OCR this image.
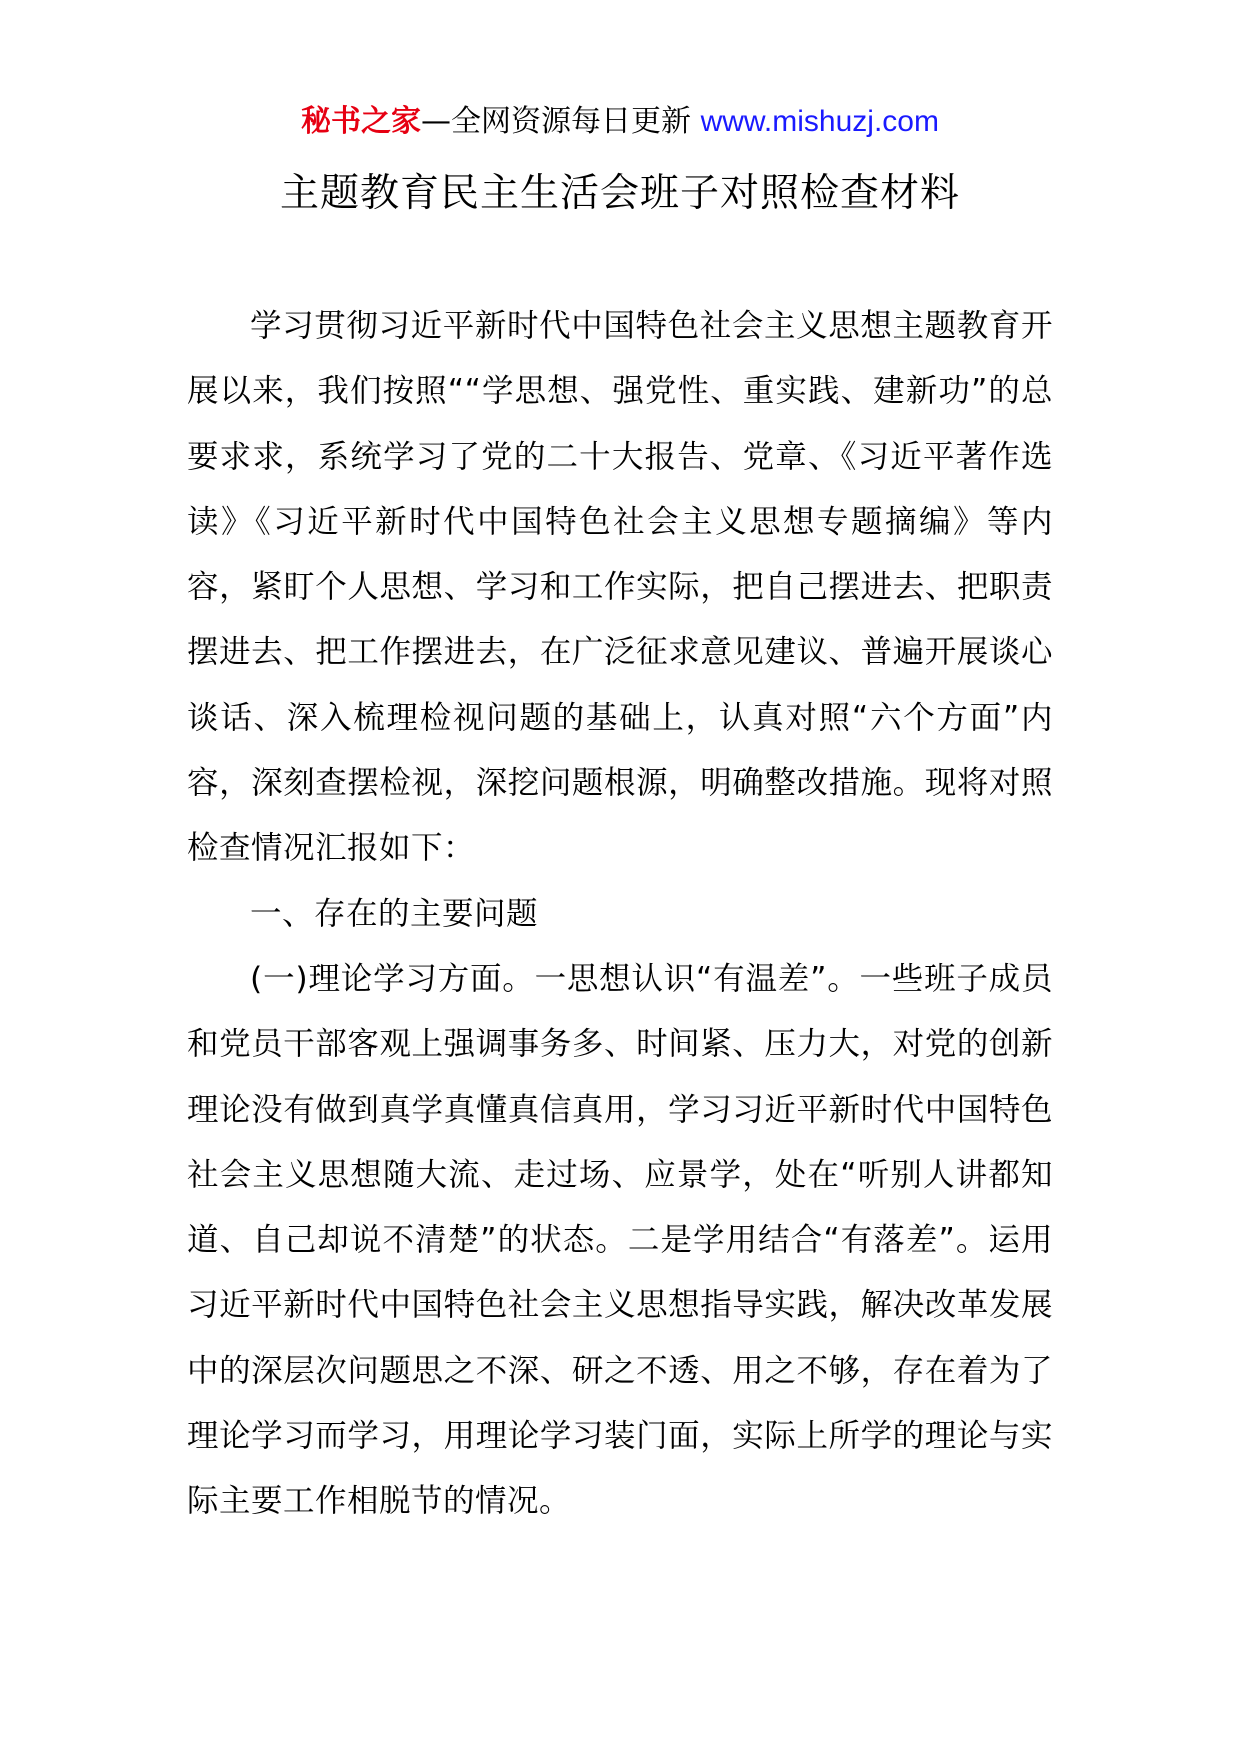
秘书之家—全网资源每日更新 www.mishuzj.com
主题教育民主生活会班子对照检查材料

学习贯彻习近平新时代中国特色社会主义思想主题教育开展以来，我们按照““学思想、强党性、重实践、建新功”的总要求求，系统学习了党的二十大报告、党章、《习近平著作选读》《习近平新时代中国特色社会主义思想专题摘编》等内容，紧盯个人思想、学习和工作实际，把自己摆进去、把职责摆进去、把工作摆进去，在广泛征求意见建议、普遍开展谈心谈话、深入梳理检视问题的基础上，认真对照“六个方面”内容，深刻查摆检视，深挖问题根源，明确整改措施。现将对照检查情况汇报如下：

一、存在的主要问题

(一)理论学习方面。一思想认识“有温差”。一些班子成员和党员干部客观上强调事务多、时间紧、压力大，对党的创新理论没有做到真学真懂真信真用，学习习近平新时代中国特色社会主义思想随大流、走过场、应景学，处在“听别人讲都知道、自己却说不清楚”的状态。二是学用结合“有落差”。运用习近平新时代中国特色社会主义思想指导实践，解决改革发展中的深层次问题思之不深、研之不透、用之不够，存在着为了理论学习而学习，用理论学习装门面，实际上所学的理论与实际主要工作相脱节的情况。
